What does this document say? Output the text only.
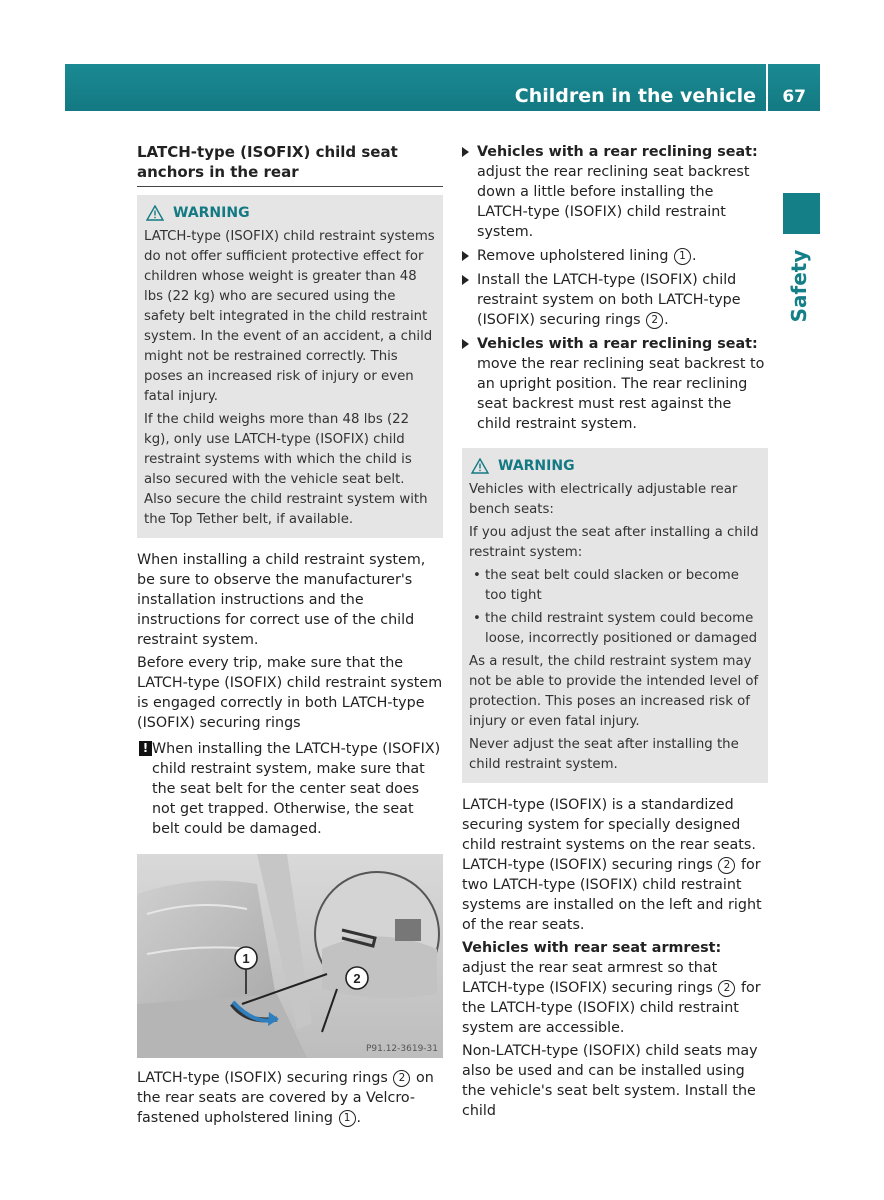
Children in the vehicle 67
Safety
LATCH-type (ISOFIX) child seat anchors in the rear
WARNING

LATCH-type (ISOFIX) child restraint systems do not offer sufficient protective effect for children whose weight is greater than 48 lbs (22 kg) who are secured using the safety belt integrated in the child restraint system. In the event of an accident, a child might not be restrained correctly. This poses an increased risk of injury or even fatal injury.

If the child weighs more than 48 lbs (22 kg), only use LATCH-type (ISOFIX) child restraint systems with which the child is also secured with the vehicle seat belt. Also secure the child restraint system with the Top Tether belt, if available.

When installing a child restraint system, be sure to observe the manufacturer's installation instructions and the instructions for correct use of the child restraint system.

Before every trip, make sure that the LATCH-type (ISOFIX) child restraint system is engaged correctly in both LATCH-type (ISOFIX) securing rings

! When installing the LATCH-type (ISOFIX) child restraint system, make sure that the seat belt for the center seat does not get trapped. Otherwise, the seat belt could be damaged.
1
2
P91.12-3619-31

LATCH-type (ISOFIX) securing rings 2 on the rear seats are covered by a Velcro-fastened upholstered lining 1 .

Vehicles with a rear reclining seat: adjust the rear reclining seat backrest down a little before installing the LATCH-type (ISOFIX) child restraint system.
Remove upholstered lining 1 .
Install the LATCH-type (ISOFIX) child restraint system on both LATCH-type (ISOFIX) securing rings 2 .
Vehicles with a rear reclining seat: move the rear reclining seat backrest to an upright position. The rear reclining seat backrest must rest against the child restraint system.
WARNING

Vehicles with electrically adjustable rear bench seats:

If you adjust the seat after installing a child restraint system:

• the seat belt could slacken or become too tight
• the child restraint system could become loose, incorrectly positioned or damaged

As a result, the child restraint system may not be able to provide the intended level of protection. This poses an increased risk of injury or even fatal injury.

Never adjust the seat after installing the child restraint system.

LATCH-type (ISOFIX) is a standardized securing system for specially designed child restraint systems on the rear seats. LATCH-type (ISOFIX) securing rings 2 for two LATCH-type (ISOFIX) child restraint systems are installed on the left and right of the rear seats.

Vehicles with rear seat armrest: adjust the rear seat armrest so that LATCH-type (ISOFIX) securing rings 2 for the LATCH-type (ISOFIX) child restraint system are accessible.

Non-LATCH-type (ISOFIX) child seats may also be used and can be installed using the vehicle's seat belt system. Install the child
